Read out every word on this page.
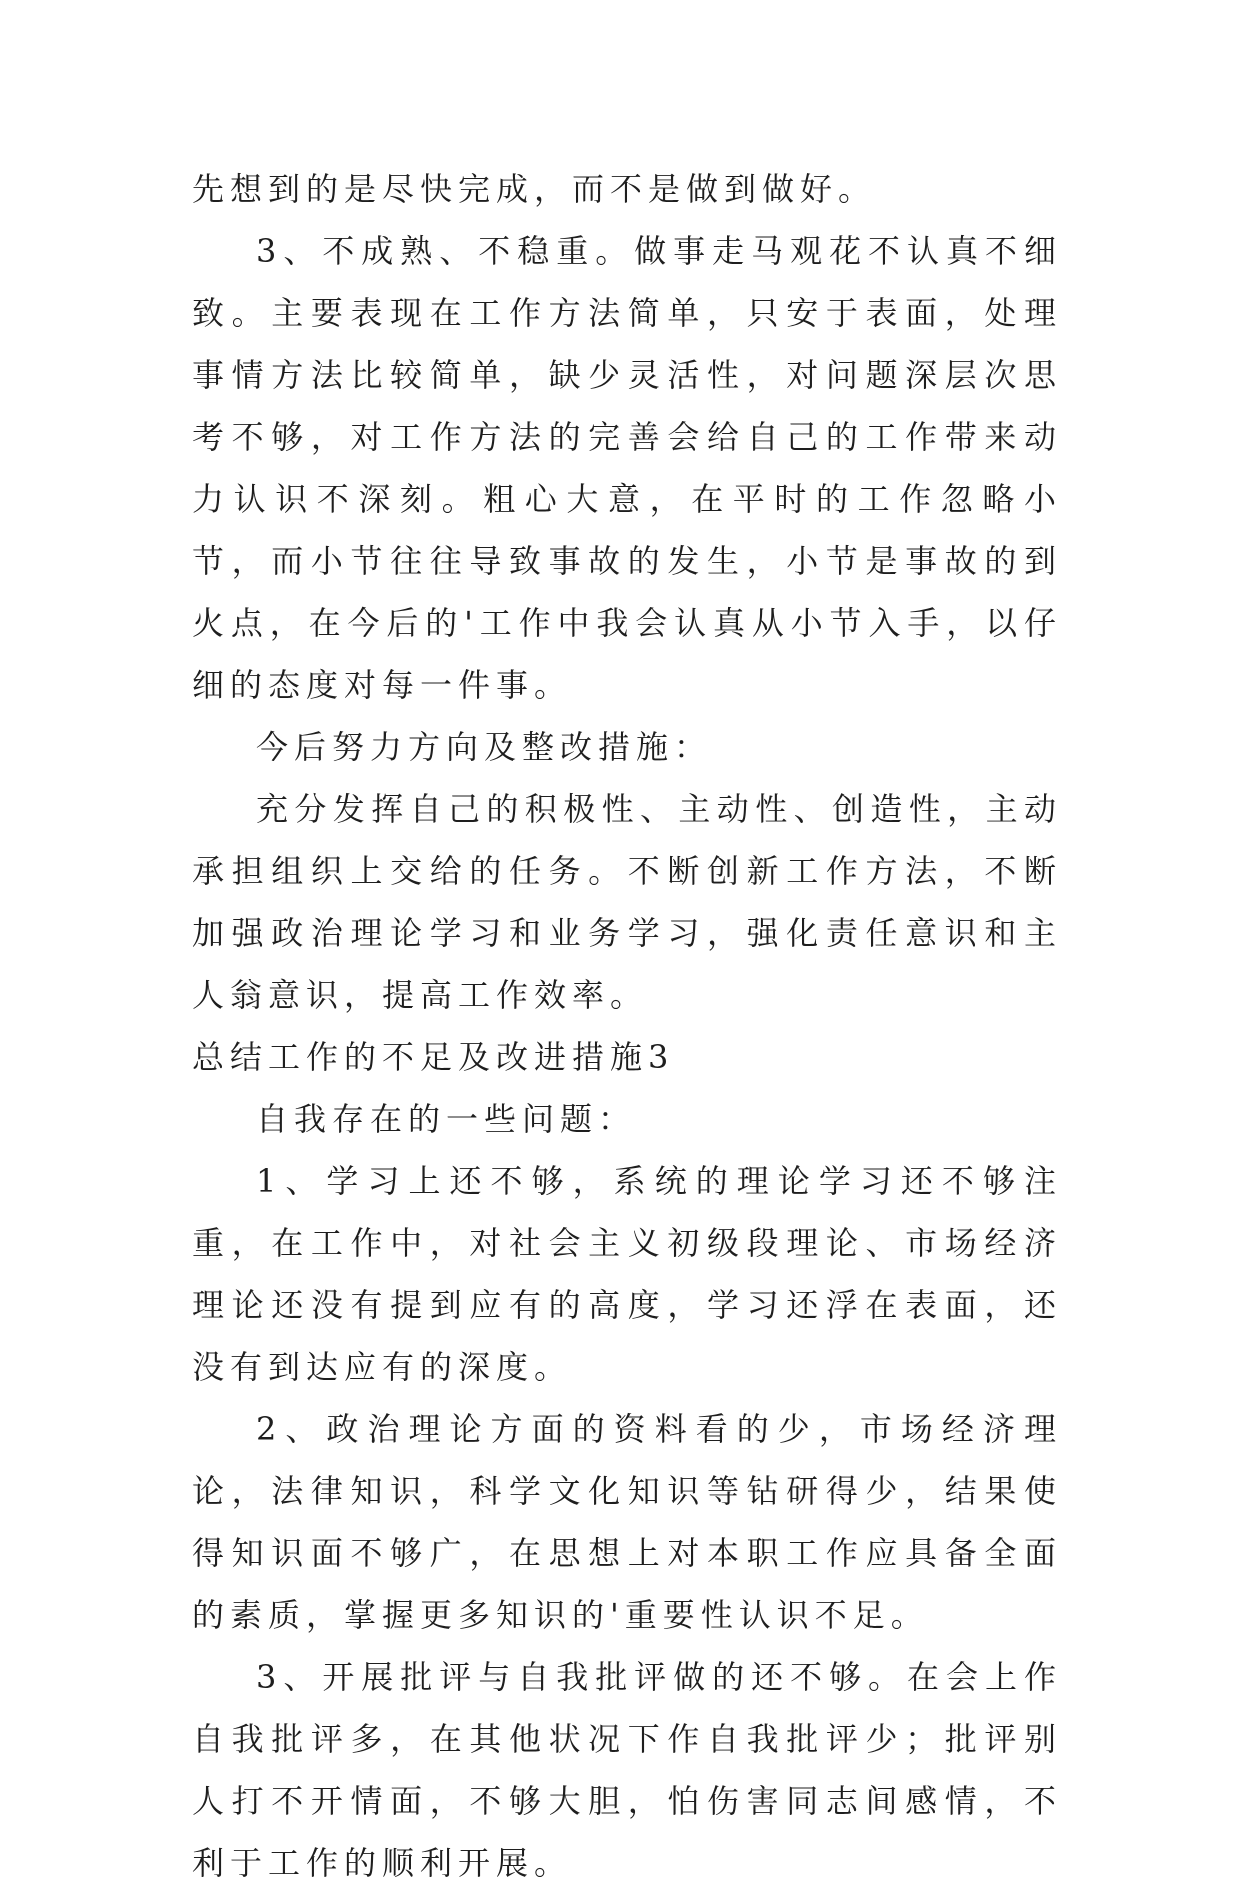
先想到的是尽快完成，而不是做到做好。

3、不成熟、不稳重。做事走马观花不认真不细致。主要表现在工作方法简单，只安于表面，处理事情方法比较简单，缺少灵活性，对问题深层次思考不够，对工作方法的完善会给自己的工作带来动力认识不深刻。粗心大意，在平时的工作忽略小节，而小节往往导致事故的发生，小节是事故的到火点，在今后的'工作中我会认真从小节入手，以仔细的态度对每一件事。

今后努力方向及整改措施：

充分发挥自己的积极性、主动性、创造性，主动承担组织上交给的任务。不断创新工作方法，不断加强政治理论学习和业务学习，强化责任意识和主人翁意识，提高工作效率。

总结工作的不足及改进措施3

自我存在的一些问题：

1、学习上还不够，系统的理论学习还不够注重，在工作中，对社会主义初级段理论、市场经济理论还没有提到应有的高度，学习还浮在表面，还没有到达应有的深度。

2、政治理论方面的资料看的少，市场经济理论，法律知识，科学文化知识等钻研得少，结果使得知识面不够广，在思想上对本职工作应具备全面的素质，掌握更多知识的'重要性认识不足。

3、开展批评与自我批评做的还不够。在会上作自我批评多，在其他状况下作自我批评少；批评别人打不开情面，不够大胆，怕伤害同志间感情，不利于工作的顺利开展。
